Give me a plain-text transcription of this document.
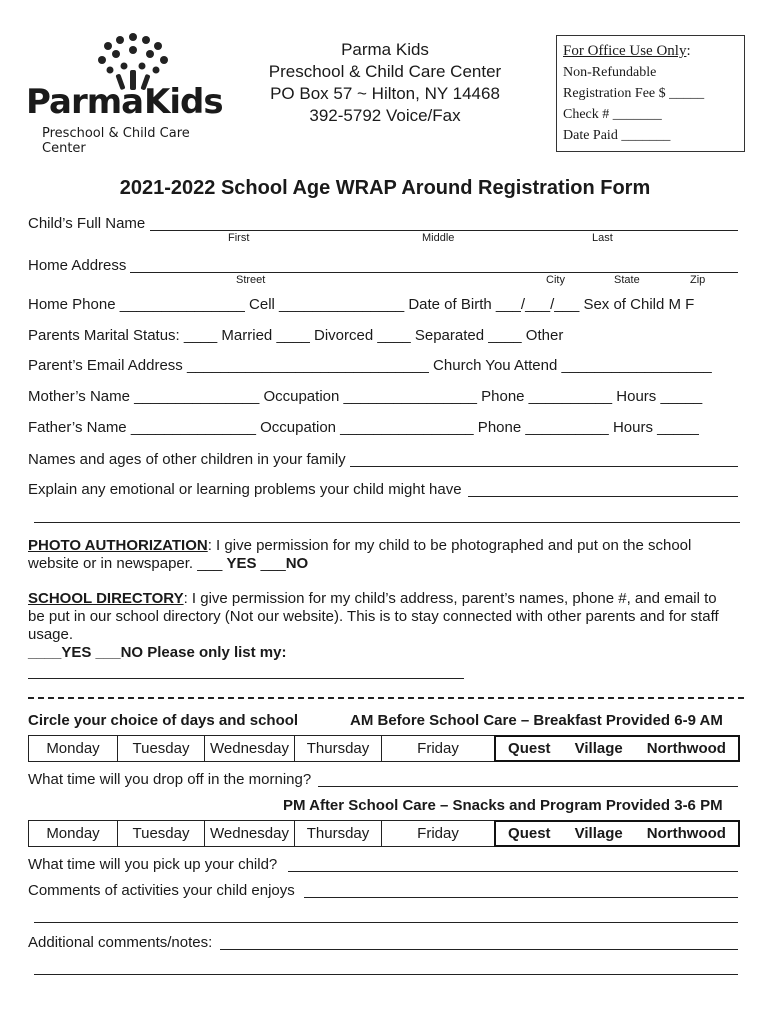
Parma Kids
Preschool & Child Care Center
Parma Kids
Preschool & Child Care Center
PO Box 57 ~ Hilton, NY 14468
392-5792 Voice/Fax
For Office Use Only:
Non-Refundable
Registration Fee $ _____
Check # _______
Date Paid _______
2021-2022 School Age WRAP Around Registration Form
Child’s Full Name
First	Middle	Last
Home Address
Street	City	State	Zip
Home Phone _______________ Cell _______________ Date of Birth ___/___/___ Sex of Child M F
Parents Marital Status: ____ Married ____ Divorced ____ Separated ____ Other
Parent’s Email Address _____________________________ Church You Attend __________________
Mother’s Name _______________ Occupation ________________ Phone __________ Hours _____
Father’s Name _______________ Occupation ________________ Phone __________ Hours _____
Names and ages of other children in your family
Explain any emotional or learning problems your child might have
PHOTO AUTHORIZATION: I give permission for my child to be photographed and put on the school
website or in newspaper. ___ YES ___NO
SCHOOL DIRECTORY: I give permission for my child’s address, parent’s names, phone #, and email to
be put in our school directory (Not our website). This is to stay connected with other parents and for staff
usage.
____YES ___NO Please only list my:
Circle your choice of days and school	AM Before School Care – Breakfast Provided 6-9 AM
Monday	Tuesday	Wednesday	Thursday	Friday	Quest Village Northwood
What time will you drop off in the morning?
PM After School Care – Snacks and Program Provided 3-6 PM
Monday	Tuesday	Wednesday	Thursday	Friday	Quest Village Northwood
What time will you pick up your child?
Comments of activities your child enjoys
Additional comments/notes:
